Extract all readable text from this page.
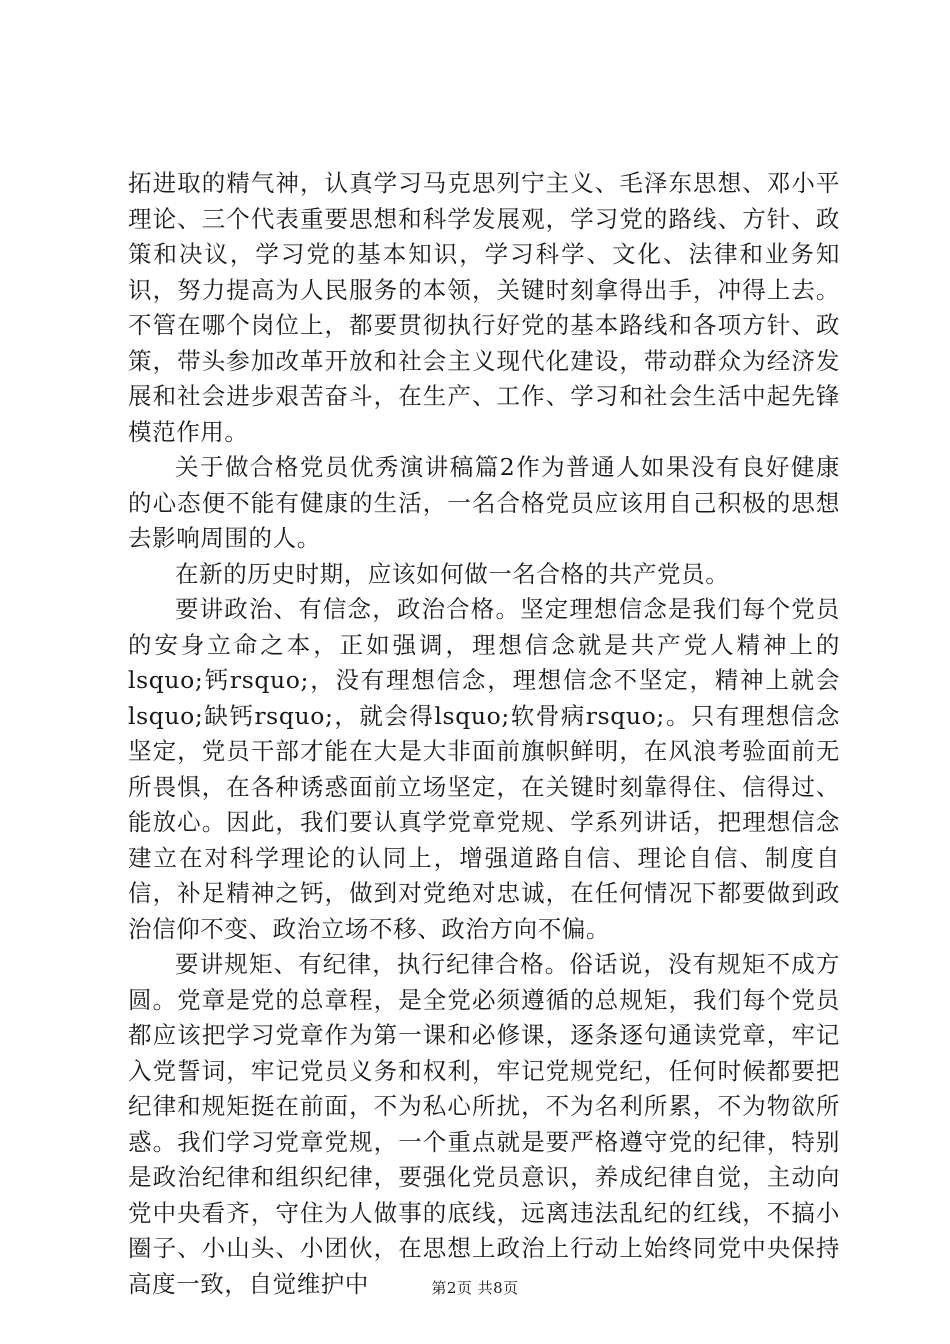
拓进取的精气神，认真学习马克思列宁主义、毛泽东思想、邓小平理论、三个代表重要思想和科学发展观，学习党的路线、方针、政策和决议，学习党的基本知识，学习科学、文化、法律和业务知识，努力提高为人民服务的本领，关键时刻拿得出手，冲得上去。不管在哪个岗位上，都要贯彻执行好党的基本路线和各项方针、政策，带头参加改革开放和社会主义现代化建设，带动群众为经济发展和社会进步艰苦奋斗，在生产、工作、学习和社会生活中起先锋模范作用。

关于做合格党员优秀演讲稿篇2作为普通人如果没有良好健康的心态便不能有健康的生活，一名合格党员应该用自己积极的思想去影响周围的人。

在新的历史时期，应该如何做一名合格的共产党员。

要讲政治、有信念，政治合格。坚定理想信念是我们每个党员的安身立命之本，正如强调，理想信念就是共产党人精神上的lsquo;钙rsquo;，没有理想信念，理想信念不坚定，精神上就会lsquo;缺钙rsquo;，就会得lsquo;软骨病rsquo;。只有理想信念坚定，党员干部才能在大是大非面前旗帜鲜明，在风浪考验面前无所畏惧，在各种诱惑面前立场坚定，在关键时刻靠得住、信得过、能放心。因此，我们要认真学党章党规、学系列讲话，把理想信念建立在对科学理论的认同上，增强道路自信、理论自信、制度自信，补足精神之钙，做到对党绝对忠诚，在任何情况下都要做到政治信仰不变、政治立场不移、政治方向不偏。

要讲规矩、有纪律，执行纪律合格。俗话说，没有规矩不成方圆。党章是党的总章程，是全党必须遵循的总规矩，我们每个党员都应该把学习党章作为第一课和必修课，逐条逐句通读党章，牢记入党誓词，牢记党员义务和权利，牢记党规党纪，任何时候都要把纪律和规矩挺在前面，不为私心所扰，不为名利所累，不为物欲所惑。我们学习党章党规，一个重点就是要严格遵守党的纪律，特别是政治纪律和组织纪律，要强化党员意识，养成纪律自觉，主动向党中央看齐，守住为人做事的底线，远离违法乱纪的红线，不搞小圈子、小山头、小团伙，在思想上政治上行动上始终同党中央保持高度一致，自觉维护中	第2页 共8页
